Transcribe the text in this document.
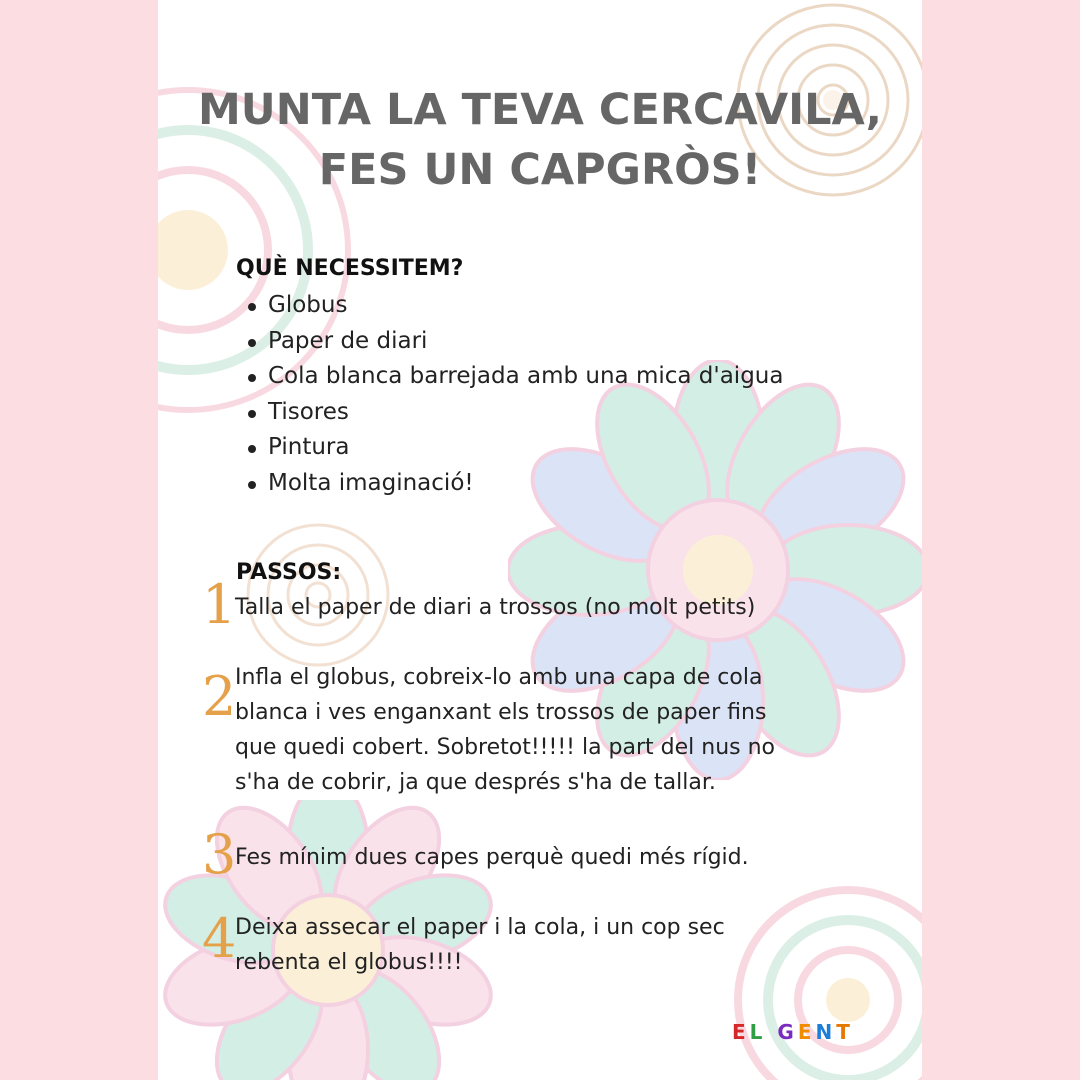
MUNTA LA TEVA CERCAVILA,
FES UN CAPGRÒS!
QUÈ NECESSITEM?
Globus
Paper de diari
Cola blanca barrejada amb una mica d'aigua
Tisores
Pintura
Molta imaginació!
PASSOS:
1
Talla el paper de diari a trossos (no molt petits)
2
Infla el globus, cobreix-lo amb una capa de cola
blanca i ves enganxant els trossos de paper fins
que quedi cobert. Sobretot!!!!! la part del nus no
s'ha de cobrir, ja que després s'ha de tallar.
3
Fes mínim dues capes perquè quedi més rígid.
4
Deixa assecar el paper i la cola, i un cop sec
rebenta el globus!!!!
EL GENT
